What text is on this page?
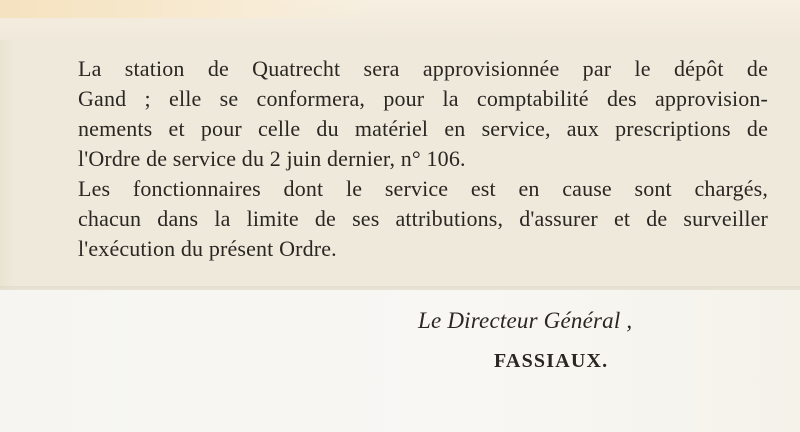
La station de Quatrecht sera approvisionnée par le dépôt de
Gand ; elle se conformera, pour la comptabilité des approvision-
nements et pour celle du matériel en service, aux prescriptions de
l'Ordre de service du 2 juin dernier, n° 106.

Les fonctionnaires dont le service est en cause sont chargés,
chacun dans la limite de ses attributions, d'assurer et de surveiller
l'exécution du présent Ordre.

Le Directeur Général ,
FASSIAUX.
